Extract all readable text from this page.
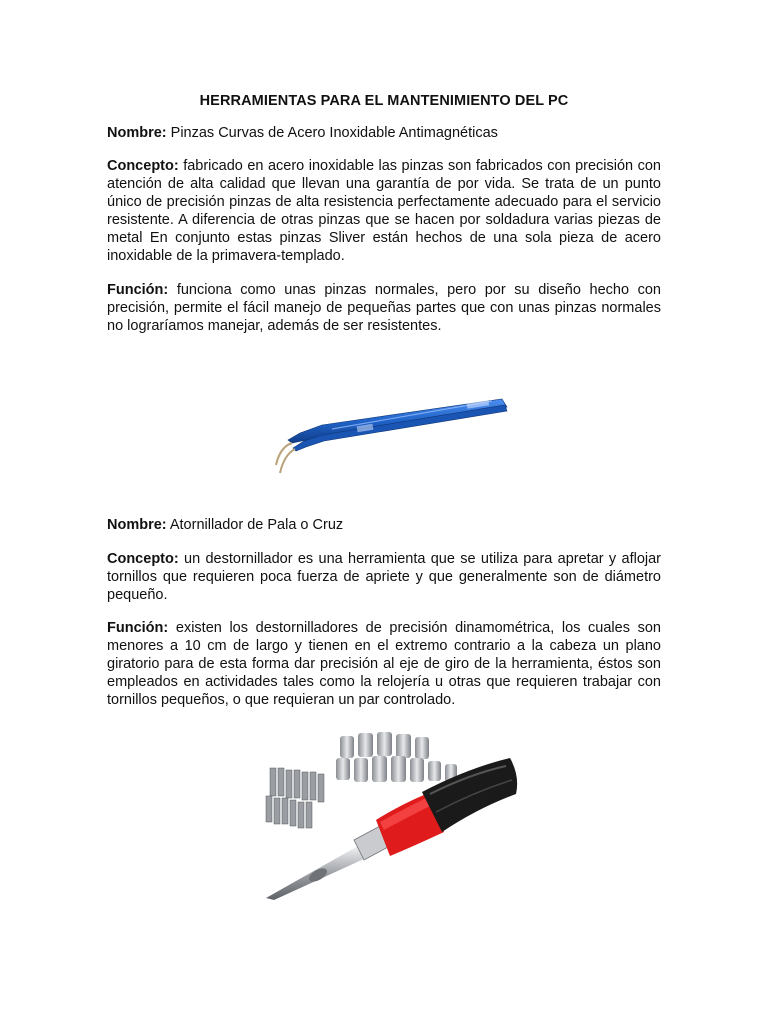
HERRAMIENTAS PARA EL MANTENIMIENTO DEL PC

Nombre: Pinzas Curvas de Acero Inoxidable Antimagnéticas

Concepto: fabricado en acero inoxidable las pinzas son fabricados con precisión con atención de alta calidad que llevan una garantía de por vida. Se trata de un punto único de precisión pinzas de alta resistencia perfectamente adecuado para el servicio resistente. A diferencia de otras pinzas que se hacen por soldadura varias piezas de metal En conjunto estas pinzas Sliver están hechos de una sola pieza de acero inoxidable de la primavera-templado.

Función: funciona como unas pinzas normales, pero por su diseño hecho con precisión, permite el fácil manejo de pequeñas partes que con unas pinzas normales no lograríamos manejar, además de ser resistentes.

Nombre: Atornillador de Pala o Cruz

Concepto: un destornillador es una herramienta que se utiliza para apretar y aflojar tornillos que requieren poca fuerza de apriete y que generalmente son de diámetro pequeño.

Función: existen los destornilladores de precisión dinamométrica, los cuales son menores a 10 cm de largo y tienen en el extremo contrario a la cabeza un plano giratorio para de esta forma dar precisión al eje de giro de la herramienta, éstos son empleados en actividades tales como la relojería u otras que requieren trabajar con tornillos pequeños, o que requieran un par controlado.
